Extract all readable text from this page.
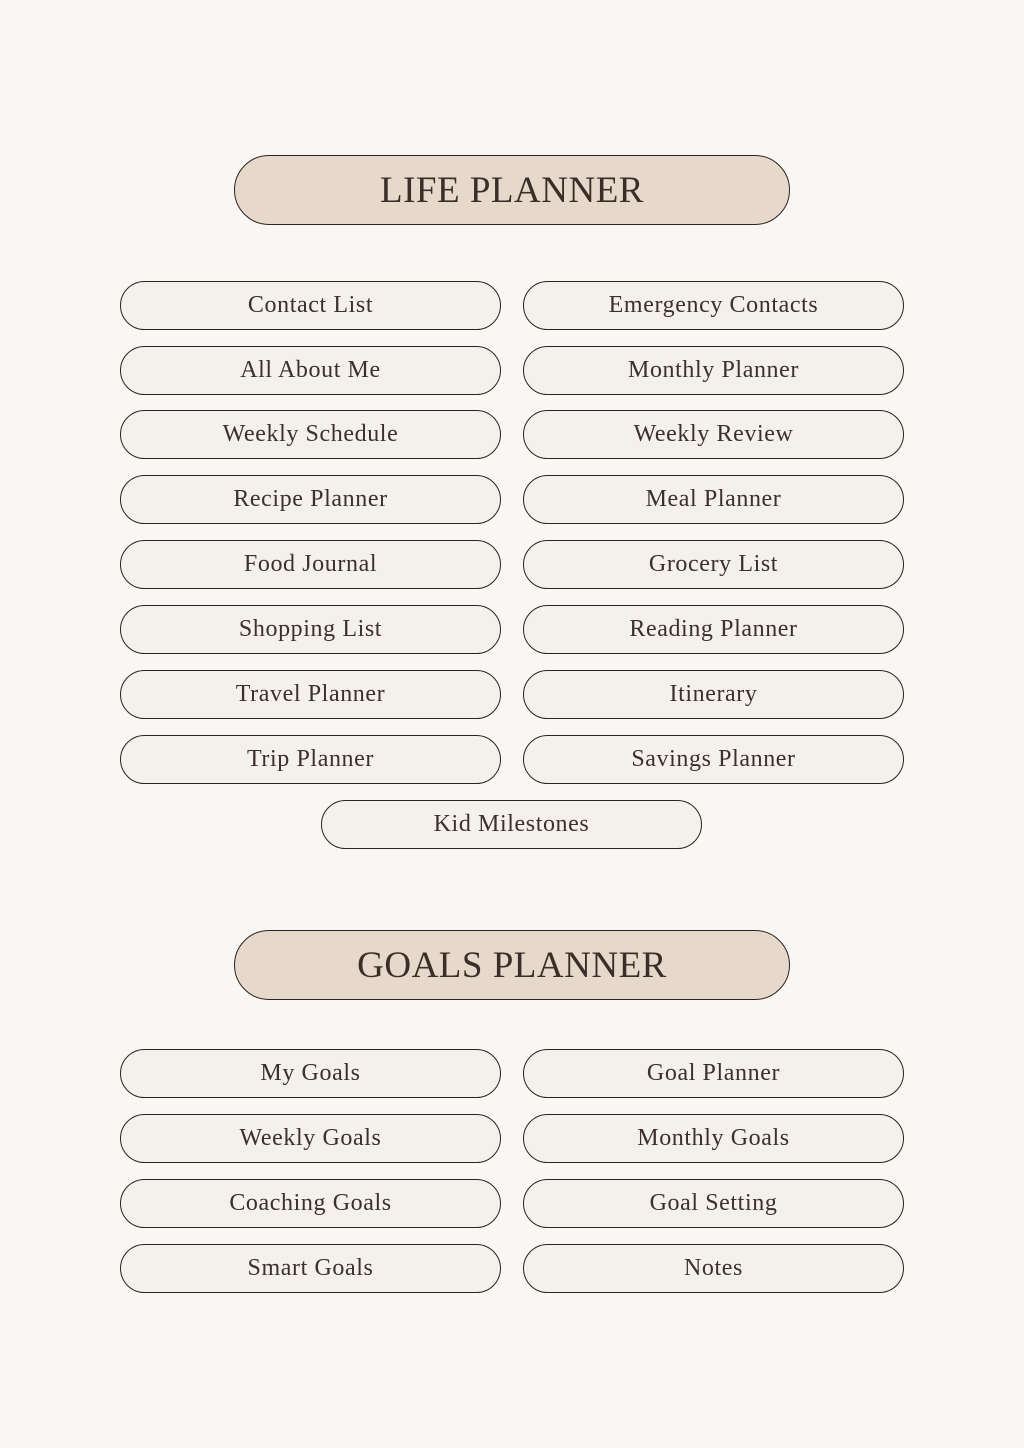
LIFE PLANNER
Contact List	Emergency Contacts
All About Me	Monthly Planner
Weekly Schedule	Weekly Review
Recipe Planner	Meal Planner
Food Journal	Grocery List
Shopping List	Reading Planner
Travel Planner	Itinerary
Trip Planner	Savings Planner
Kid Milestones
GOALS PLANNER
My Goals	Goal Planner
Weekly Goals	Monthly Goals
Coaching Goals	Goal Setting
Smart Goals	Notes
